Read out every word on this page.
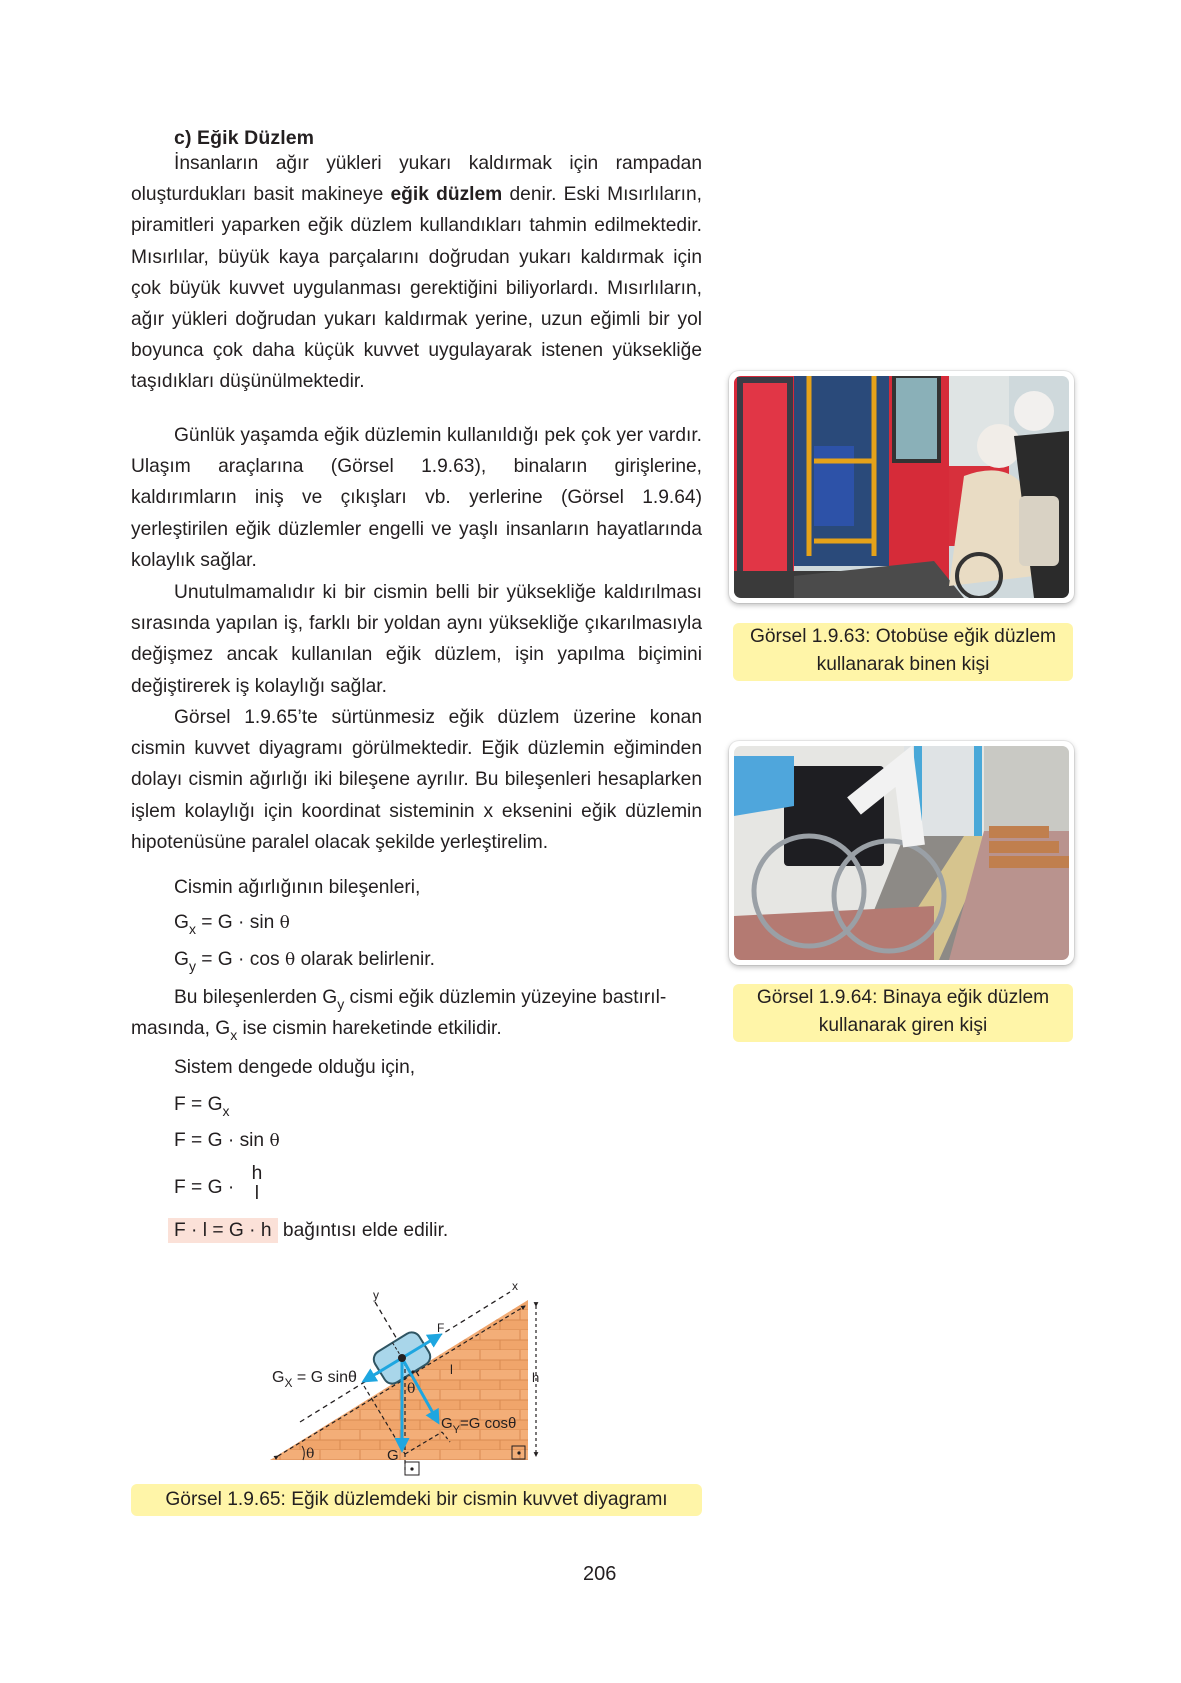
c) Eğik Düzlem
İnsanların ağır yükleri yukarı kaldırmak için rampadan oluşturdukları basit makineye eğik düzlem denir. Eski Mısırlıların, piramitleri yaparken eğik düzlem kullandıkları tahmin edilmektedir. Mısırlılar, büyük kaya parçalarını doğrudan yukarı kaldırmak için çok büyük kuvvet uygulanması gerektiğini biliyorlardı. Mısırlıların, ağır yükleri doğrudan yukarı kaldırmak yerine, uzun eğimli bir yol boyunca çok daha küçük kuvvet uygulayarak istenen yüksekliğe taşıdıkları düşünülmektedir.
Günlük yaşamda eğik düzlemin kullanıldığı pek çok yer vardır. Ulaşım araçlarına (Görsel 1.9.63), binaların girişlerine, kaldırımların iniş ve çıkışları vb. yerlerine (Görsel 1.9.64) yerleştirilen eğik düzlemler engelli ve yaşlı insanların hayatlarında kolaylık sağlar.
Unutulmamalıdır ki bir cismin belli bir yüksekliğe kaldırılması sırasında yapılan iş, farklı bir yoldan aynı yüksekliğe çıkarılmasıyla değişmez ancak kullanılan eğik düzlem, işin yapılma biçimini değiştirerek iş kolaylığı sağlar.
Görsel 1.9.65’te sürtünmesiz eğik düzlem üzerine konan cismin kuvvet diyagramı görülmektedir. Eğik düzlemin eğiminden dolayı cismin ağırlığı iki bileşene ayrılır. Bu bileşenleri hesaplarken işlem kolaylığı için koordinat sisteminin x eksenini eğik düzlemin hipotenüsüne paralel olacak şekilde yerleştirelim.
Cismin ağırlığının bileşenleri,
$G_x = G \cdot \sin \theta$
$G_y = G \cdot \cos \theta$ olarak belirlenir.
Bu bileşenlerden $G_y$ cismi eğik düzlemin yüzeyine bastırıl-
masında, $G_x$ ise cismin hareketinde etkilidir.
Sistem dengede olduğu için,
$F = G_x$
F = G · sin θ
F = G ·
h
l
F · l = G · h bağıntısı elde edilir.
h
x
y
F
$G_X = G$ sinθ
$G_Y=G$ cosθ
G
θ
θ
l
Görsel 1.9.65: Eğik düzlemdeki bir cismin kuvvet diyagramı
Görsel 1.9.63: Otobüse eğik düzlem
kullanarak binen kişi
Görsel 1.9.64: Binaya eğik düzlem
kullanarak giren kişi
206
